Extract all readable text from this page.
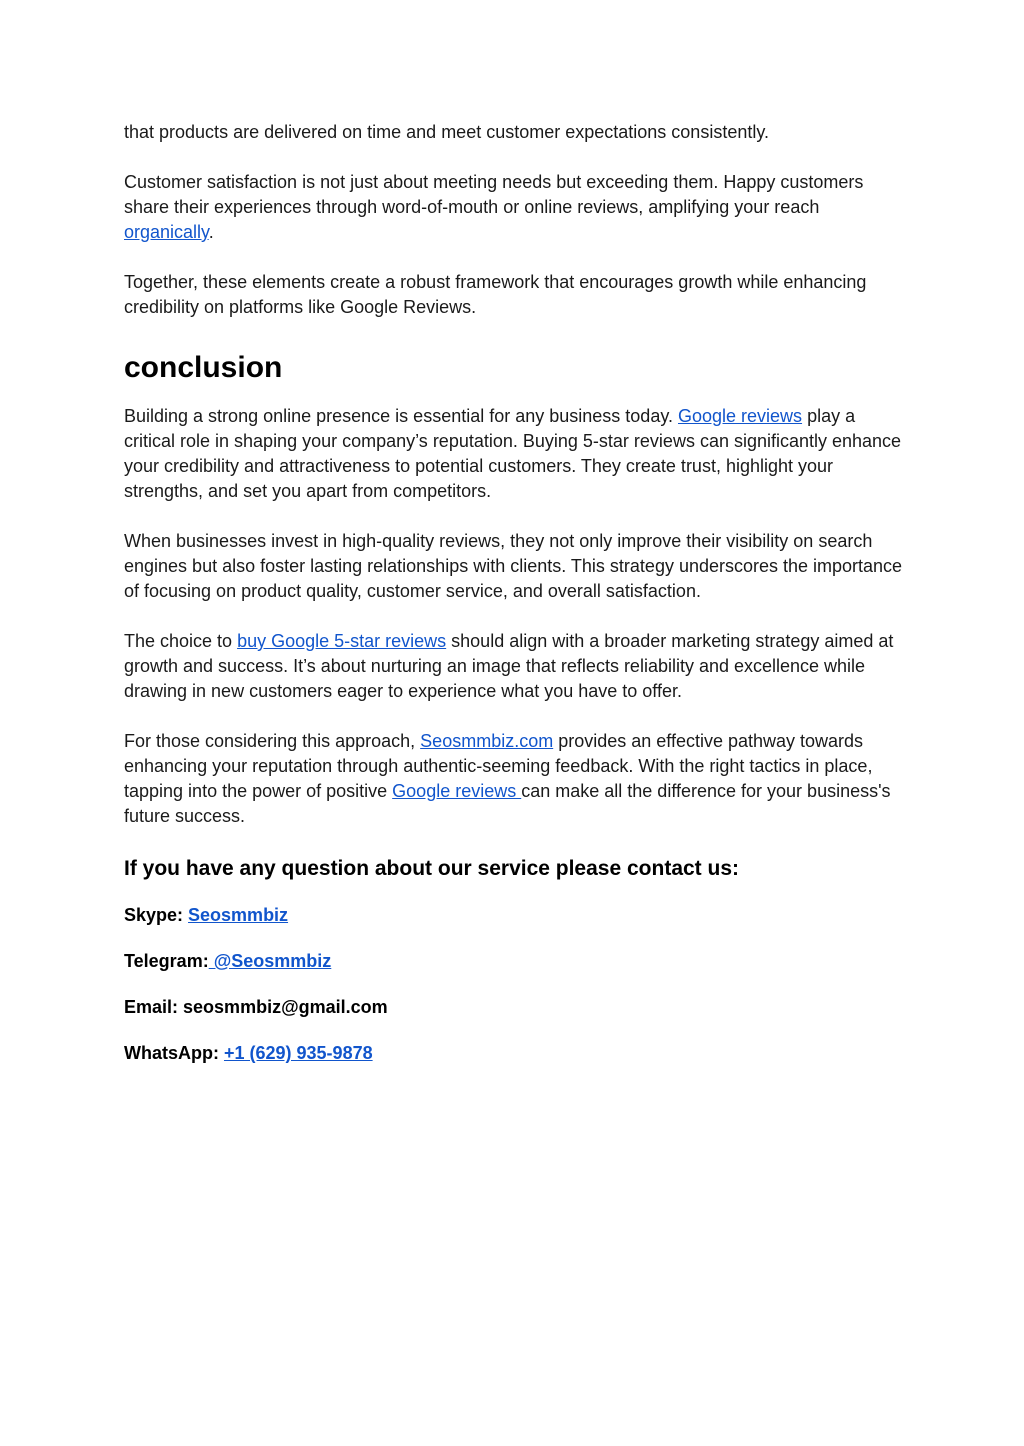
that products are delivered on time and meet customer expectations consistently.

Customer satisfaction is not just about meeting needs but exceeding them. Happy customers share their experiences through word-of-mouth or online reviews, amplifying your reach organically.

Together, these elements create a robust framework that encourages growth while enhancing credibility on platforms like Google Reviews.

conclusion

Building a strong online presence is essential for any business today. Google reviews play a critical role in shaping your company’s reputation. Buying 5-star reviews can significantly enhance your credibility and attractiveness to potential customers. They create trust, highlight your strengths, and set you apart from competitors.

When businesses invest in high-quality reviews, they not only improve their visibility on search engines but also foster lasting relationships with clients. This strategy underscores the importance of focusing on product quality, customer service, and overall satisfaction.

The choice to buy Google 5-star reviews should align with a broader marketing strategy aimed at growth and success. It’s about nurturing an image that reflects reliability and excellence while drawing in new customers eager to experience what you have to offer.

For those considering this approach, Seosmmbiz.com provides an effective pathway towards enhancing your reputation through authentic-seeming feedback. With the right tactics in place, tapping into the power of positive Google reviews can make all the difference for your business's future success.

If you have any question about our service please contact us:

Skype: Seosmmbiz

Telegram: @Seosmmbiz

Email: seosmmbiz@gmail.com

WhatsApp: +1 (629) 935-9878
